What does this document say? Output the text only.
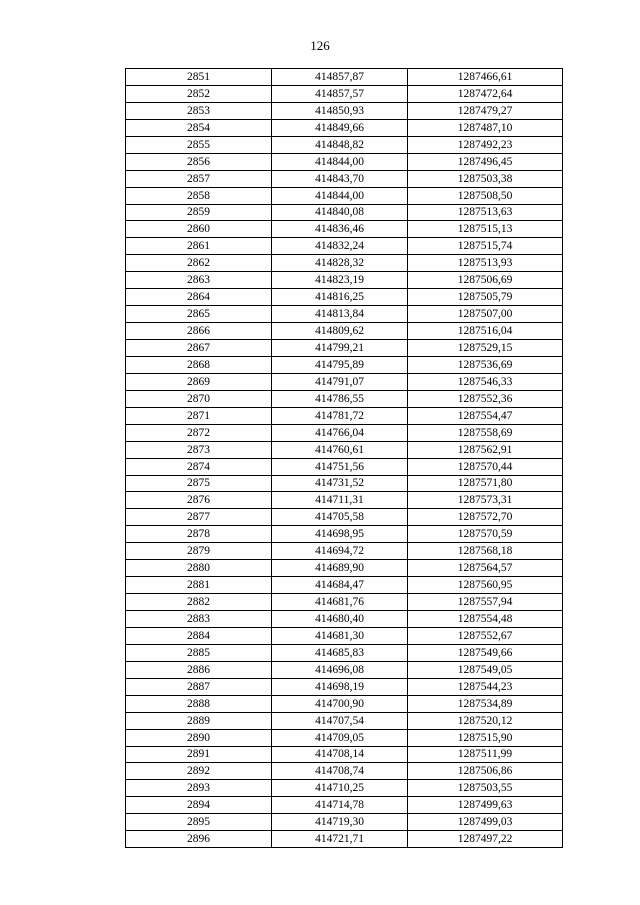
126
2851	414857,87	1287466,61
2852	414857,57	1287472,64
2853	414850,93	1287479,27
2854	414849,66	1287487,10
2855	414848,82	1287492,23
2856	414844,00	1287496,45
2857	414843,70	1287503,38
2858	414844,00	1287508,50
2859	414840,08	1287513,63
2860	414836,46	1287515,13
2861	414832,24	1287515,74
2862	414828,32	1287513,93
2863	414823,19	1287506,69
2864	414816,25	1287505,79
2865	414813,84	1287507,00
2866	414809,62	1287516,04
2867	414799,21	1287529,15
2868	414795,89	1287536,69
2869	414791,07	1287546,33
2870	414786,55	1287552,36
2871	414781,72	1287554,47
2872	414766,04	1287558,69
2873	414760,61	1287562,91
2874	414751,56	1287570,44
2875	414731,52	1287571,80
2876	414711,31	1287573,31
2877	414705,58	1287572,70
2878	414698,95	1287570,59
2879	414694,72	1287568,18
2880	414689,90	1287564,57
2881	414684,47	1287560,95
2882	414681,76	1287557,94
2883	414680,40	1287554,48
2884	414681,30	1287552,67
2885	414685,83	1287549,66
2886	414696,08	1287549,05
2887	414698,19	1287544,23
2888	414700,90	1287534,89
2889	414707,54	1287520,12
2890	414709,05	1287515,90
2891	414708,14	1287511,99
2892	414708,74	1287506,86
2893	414710,25	1287503,55
2894	414714,78	1287499,63
2895	414719,30	1287499,03
2896	414721,71	1287497,22
